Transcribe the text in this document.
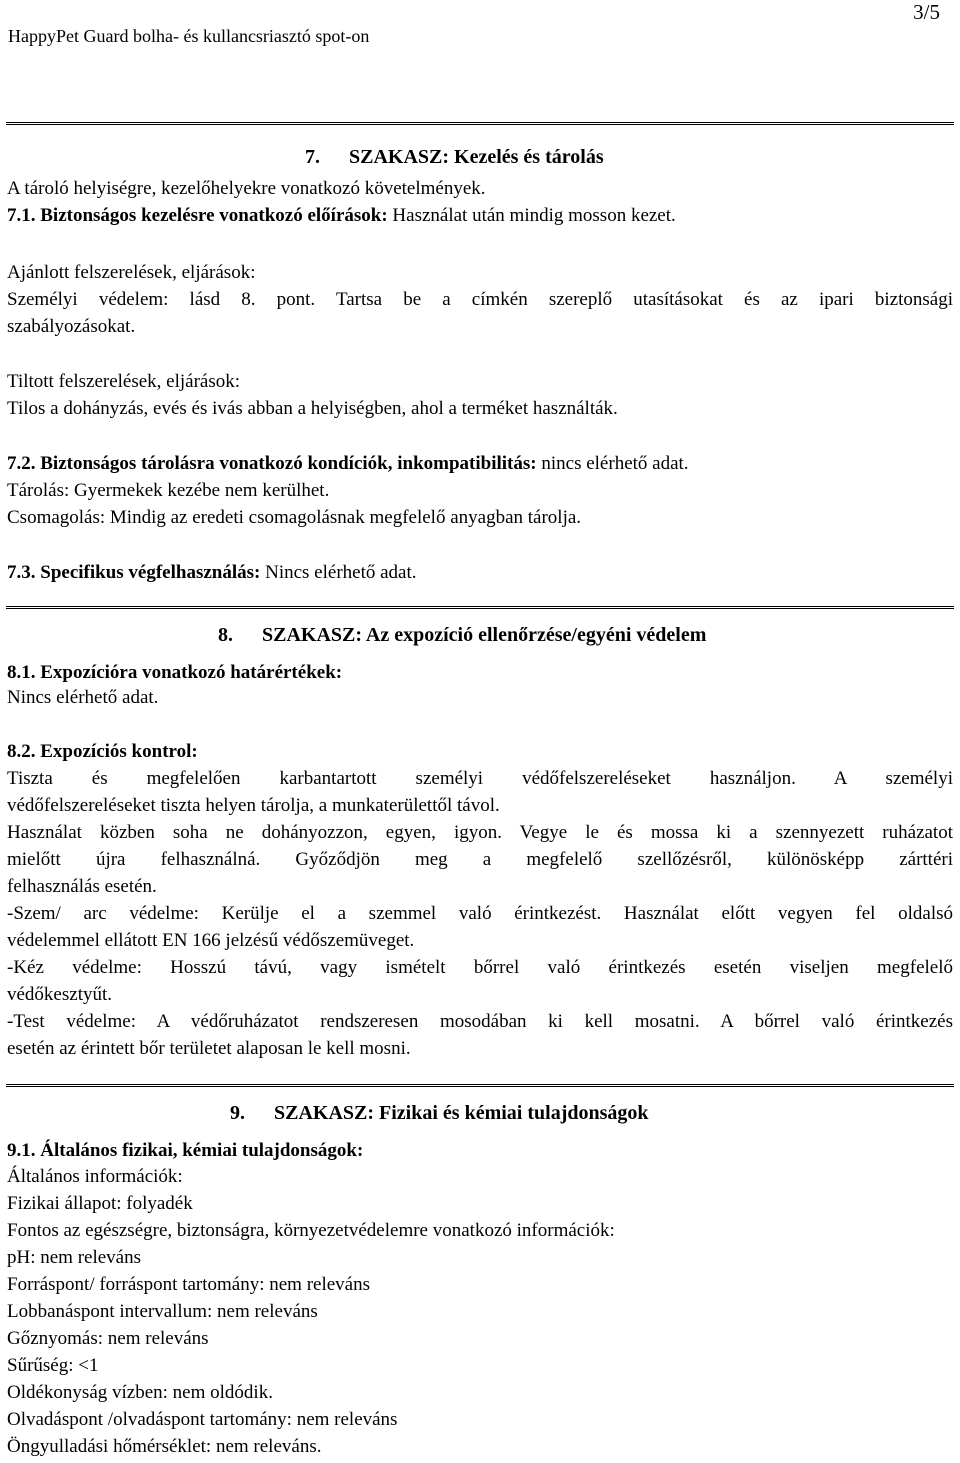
3/5
HappyPet Guard bolha- és kullancsriasztó spot-on
7. SZAKASZ: Kezelés és tárolás
A tároló helyiségre, kezelőhelyekre vonatkozó követelmények.
7.1. Biztonságos kezelésre vonatkozó előírások: Használat után mindig mosson kezet.
Ajánlott felszerelések, eljárások:
Személyi védelem: lásd 8. pont. Tartsa be a címkén szereplő utasításokat és az ipari biztonsági
szabályozásokat.
Tiltott felszerelések, eljárások:
Tilos a dohányzás, evés és ivás abban a helyiségben, ahol a terméket használták.
7.2. Biztonságos tárolásra vonatkozó kondíciók, inkompatibilitás: nincs elérhető adat.
Tárolás: Gyermekek kezébe nem kerülhet.
Csomagolás: Mindig az eredeti csomagolásnak megfelelő anyagban tárolja.
7.3. Specifikus végfelhasználás: Nincs elérhető adat.
8. SZAKASZ: Az expozíció ellenőrzése/egyéni védelem
8.1. Expozícióra vonatkozó határértékek:
Nincs elérhető adat.
8.2. Expozíciós kontrol:
Tiszta és megfelelően karbantartott személyi védőfelszereléseket használjon. A személyi
védőfelszereléseket tiszta helyen tárolja, a munkaterülettől távol.
Használat közben soha ne dohányozzon, egyen, igyon. Vegye le és mossa ki a szennyezett ruházatot
mielőtt újra felhasználná. Győződjön meg a megfelelő szellőzésről, különösképp zárttéri
felhasználás esetén.
-Szem/ arc védelme: Kerülje el a szemmel való érintkezést. Használat előtt vegyen fel oldalsó
védelemmel ellátott EN 166 jelzésű védőszemüveget.
-Kéz védelme: Hosszú távú, vagy ismételt bőrrel való érintkezés esetén viseljen megfelelő
védőkesztyűt.
-Test védelme: A védőruházatot rendszeresen mosodában ki kell mosatni. A bőrrel való érintkezés
esetén az érintett bőr területet alaposan le kell mosni.
9. SZAKASZ: Fizikai és kémiai tulajdonságok
9.1. Általános fizikai, kémiai tulajdonságok:
Általános információk:
Fizikai állapot: folyadék
Fontos az egészségre, biztonságra, környezetvédelemre vonatkozó információk:
pH: nem releváns
Forráspont/ forráspont tartomány: nem releváns
Lobbanáspont intervallum: nem releváns
Gőznyomás: nem releváns
Sűrűség: <1
Oldékonyság vízben: nem oldódik.
Olvadáspont /olvadáspont tartomány: nem releváns
Öngyulladási hőmérséklet: nem releváns.
